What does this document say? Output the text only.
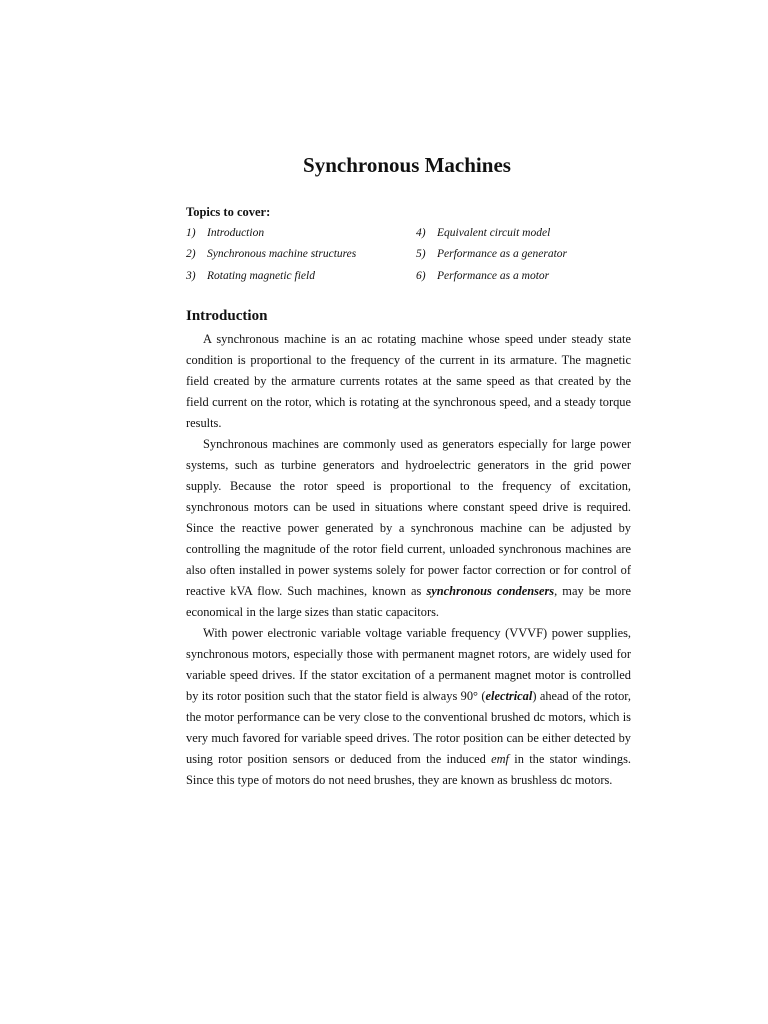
Synchronous Machines
Topics to cover:
1) Introduction
2) Synchronous machine structures
3) Rotating magnetic field
4) Equivalent circuit model
5) Performance as a generator
6) Performance as a motor
Introduction

A synchronous machine is an ac rotating machine whose speed under steady state condition is proportional to the frequency of the current in its armature. The magnetic field created by the armature currents rotates at the same speed as that created by the field current on the rotor, which is rotating at the synchronous speed, and a steady torque results.

Synchronous machines are commonly used as generators especially for large power systems, such as turbine generators and hydroelectric generators in the grid power supply. Because the rotor speed is proportional to the frequency of excitation, synchronous motors can be used in situations where constant speed drive is required. Since the reactive power generated by a synchronous machine can be adjusted by controlling the magnitude of the rotor field current, unloaded synchronous machines are also often installed in power systems solely for power factor correction or for control of reactive kVA flow. Such machines, known as synchronous condensers, may be more economical in the large sizes than static capacitors.

With power electronic variable voltage variable frequency (VVVF) power supplies, synchronous motors, especially those with permanent magnet rotors, are widely used for variable speed drives. If the stator excitation of a permanent magnet motor is controlled by its rotor position such that the stator field is always 90° (electrical) ahead of the rotor, the motor performance can be very close to the conventional brushed dc motors, which is very much favored for variable speed drives. The rotor position can be either detected by using rotor position sensors or deduced from the induced emf in the stator windings. Since this type of motors do not need brushes, they are known as brushless dc motors.
